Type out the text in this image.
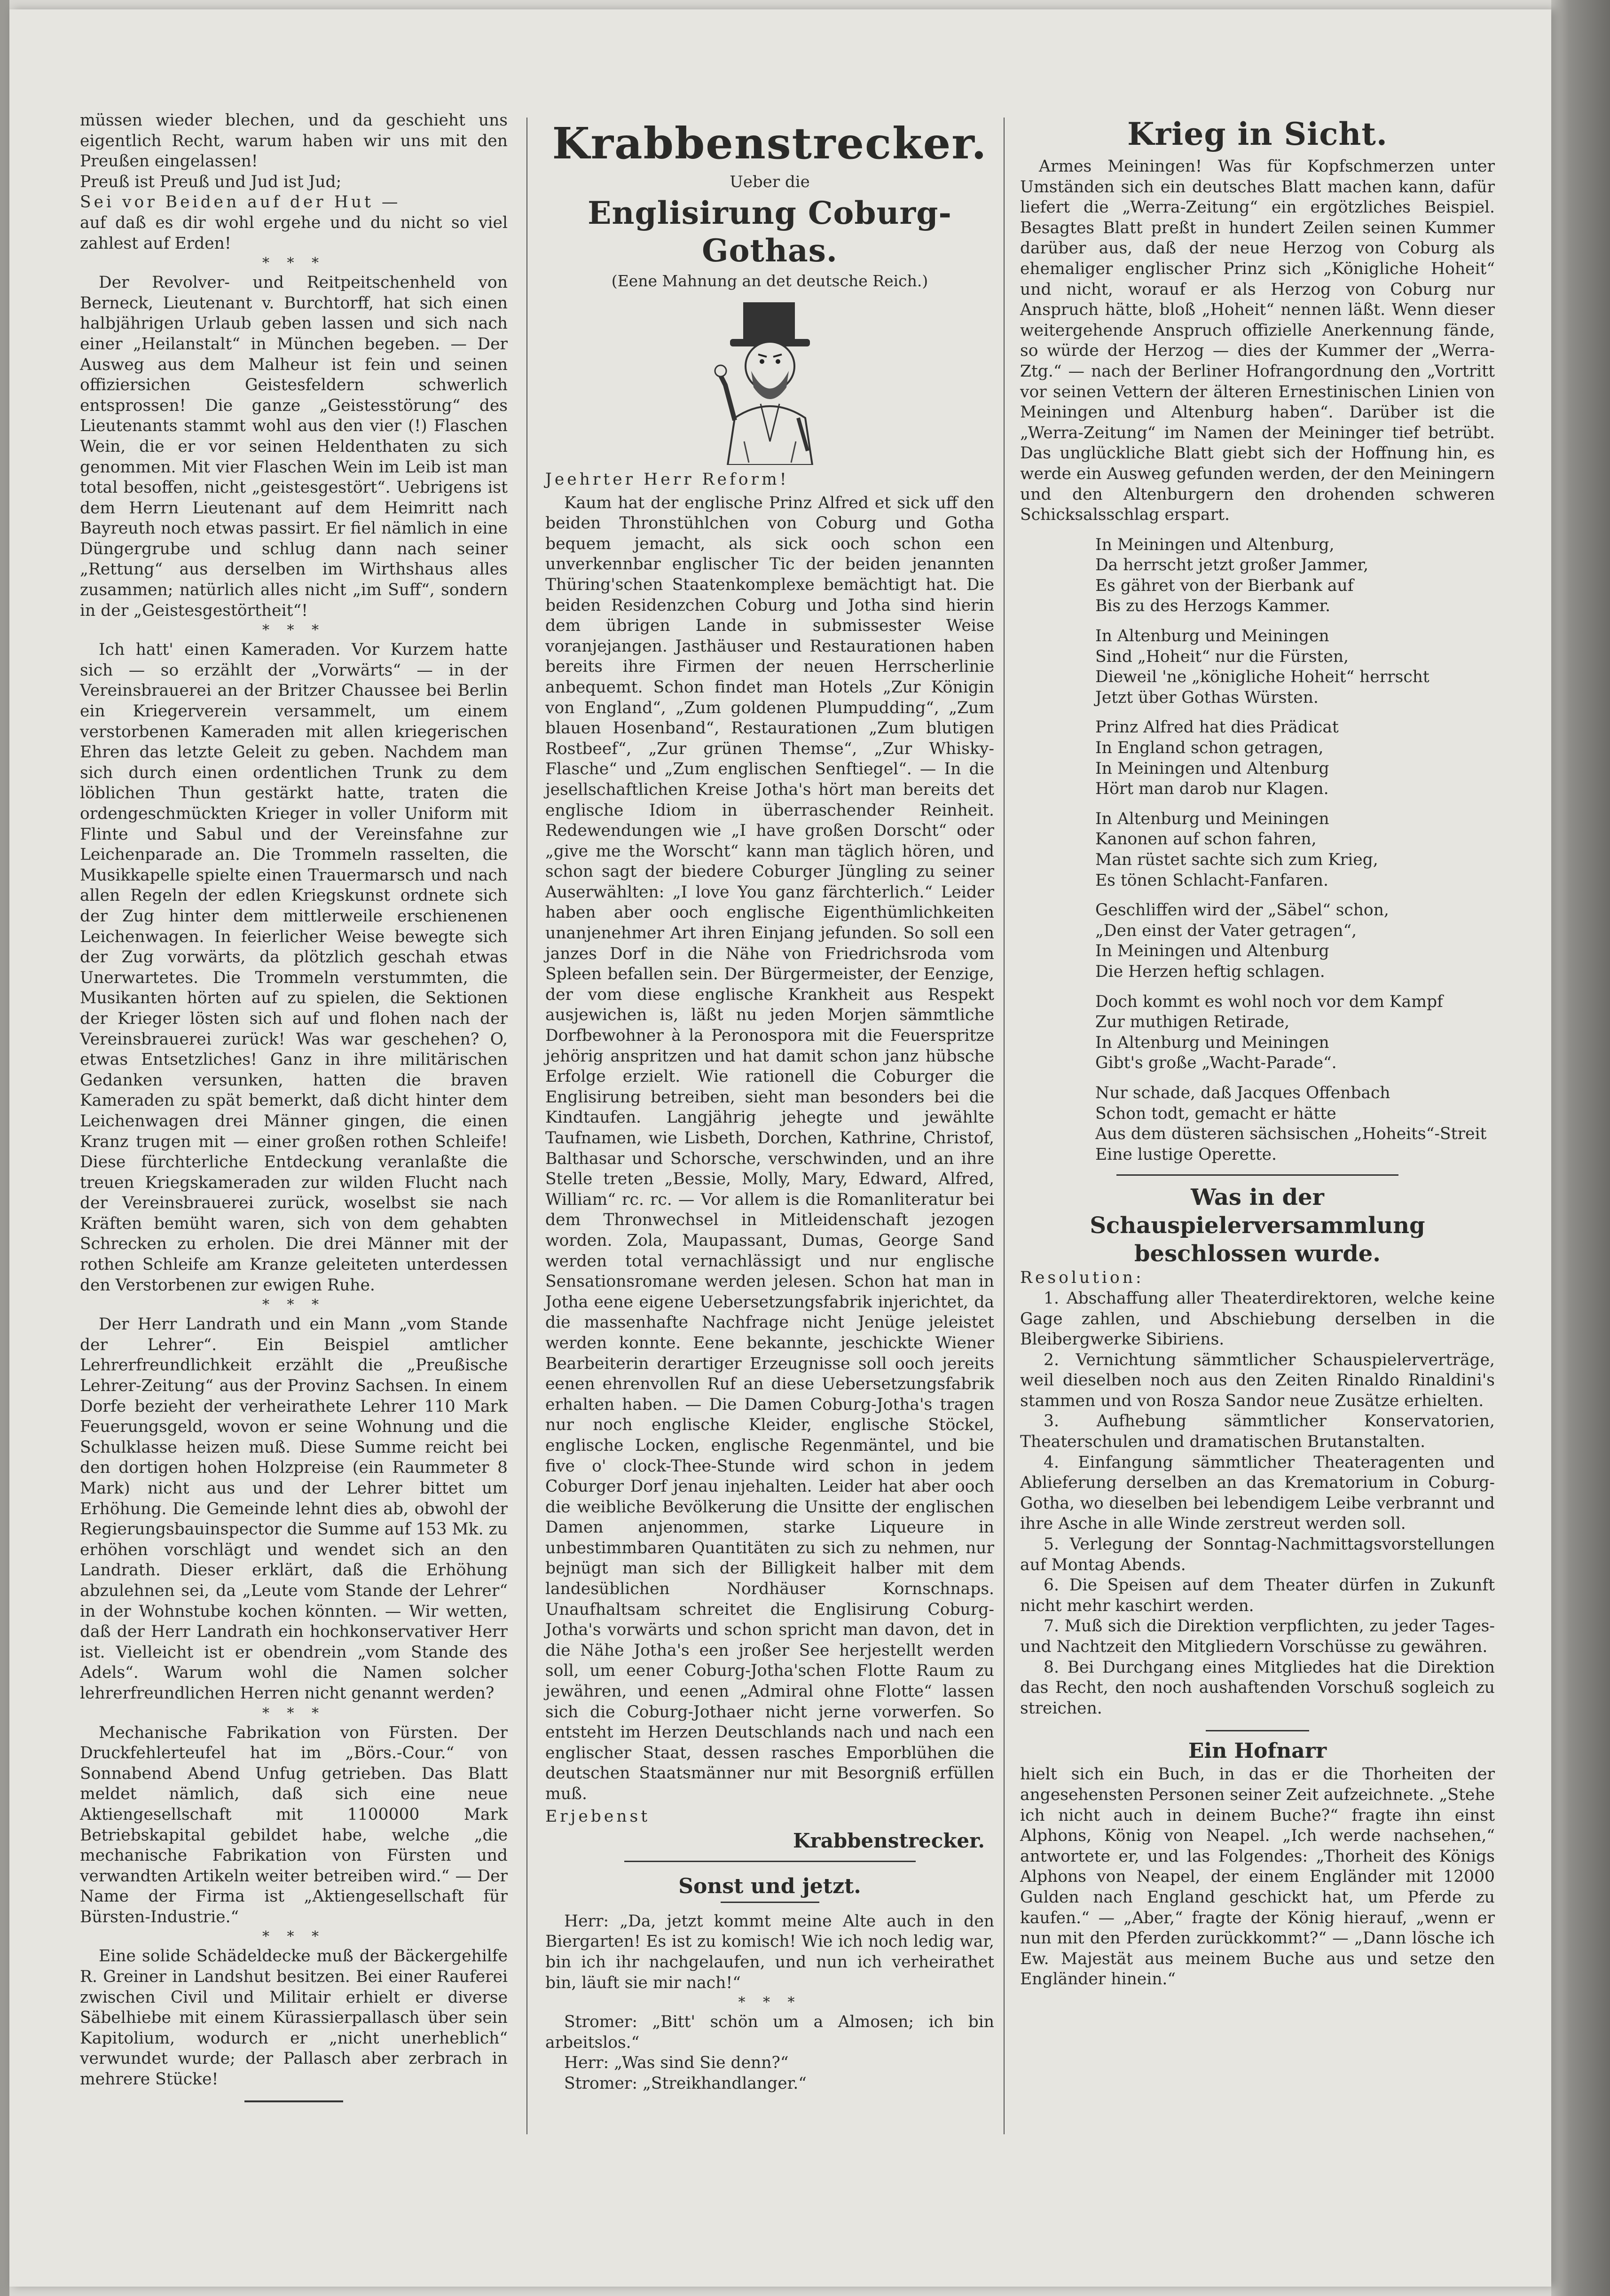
müssen wieder blechen, und da geschieht uns eigentlich Recht, warum haben wir uns mit den Preußen eingelassen!

Preuß ist Preuß und Jud ist Jud;

Sei vor Beiden auf der Hut —

auf daß es dir wohl ergehe und du nicht so viel zahlest auf Erden!

* * *

Der Revolver- und Reitpeitschenheld von Berneck, Lieutenant v. Burchtorff, hat sich einen halbjährigen Urlaub geben lassen und sich nach einer „Heilanstalt“ in München begeben. — Der Ausweg aus dem Malheur ist fein und seinen offiziersichen Geistesfeldern schwerlich entsprossen! Die ganze „Geistesstörung“ des Lieutenants stammt wohl aus den vier (!) Flaschen Wein, die er vor seinen Heldenthaten zu sich genommen. Mit vier Flaschen Wein im Leib ist man total besoffen, nicht „geistesgestört“. Uebrigens ist dem Herrn Lieutenant auf dem Heimritt nach Bayreuth noch etwas passirt. Er fiel nämlich in eine Düngergrube und schlug dann nach seiner „Rettung“ aus derselben im Wirthshaus alles zusammen; natürlich alles nicht „im Suff“, sondern in der „Geistesgestörtheit“!

* * *

Ich hatt' einen Kameraden. Vor Kurzem hatte sich — so erzählt der „Vorwärts“ — in der Vereinsbrauerei an der Britzer Chaussee bei Berlin ein Kriegerverein versammelt, um einem verstorbenen Kameraden mit allen kriegerischen Ehren das letzte Geleit zu geben. Nachdem man sich durch einen ordentlichen Trunk zu dem löblichen Thun gestärkt hatte, traten die ordengeschmückten Krieger in voller Uniform mit Flinte und Sabul und der Vereinsfahne zur Leichenparade an. Die Trommeln rasselten, die Musikkapelle spielte einen Trauermarsch und nach allen Regeln der edlen Kriegskunst ordnete sich der Zug hinter dem mittlerweile erschienenen Leichenwagen. In feierlicher Weise bewegte sich der Zug vorwärts, da plötzlich geschah etwas Unerwartetes. Die Trommeln verstummten, die Musikanten hörten auf zu spielen, die Sektionen der Krieger lösten sich auf und flohen nach der Vereinsbrauerei zurück! Was war geschehen? O, etwas Entsetzliches! Ganz in ihre militärischen Gedanken versunken, hatten die braven Kameraden zu spät bemerkt, daß dicht hinter dem Leichenwagen drei Männer gingen, die einen Kranz trugen mit — einer großen rothen Schleife! Diese fürchterliche Entdeckung veranlaßte die treuen Kriegskameraden zur wilden Flucht nach der Vereinsbrauerei zurück, woselbst sie nach Kräften bemüht waren, sich von dem gehabten Schrecken zu erholen. Die drei Männer mit der rothen Schleife am Kranze geleiteten unterdessen den Verstorbenen zur ewigen Ruhe.

* * *

Der Herr Landrath und ein Mann „vom Stande der Lehrer“. Ein Beispiel amtlicher Lehrerfreundlichkeit erzählt die „Preußische Lehrer-Zeitung“ aus der Provinz Sachsen. In einem Dorfe bezieht der verheirathete Lehrer 110 Mark Feuerungsgeld, wovon er seine Wohnung und die Schulklasse heizen muß. Diese Summe reicht bei den dortigen hohen Holzpreise (ein Raummeter 8 Mark) nicht aus und der Lehrer bittet um Erhöhung. Die Gemeinde lehnt dies ab, obwohl der Regierungsbauinspector die Summe auf 153 Mk. zu erhöhen vorschlägt und wendet sich an den Landrath. Dieser erklärt, daß die Erhöhung abzulehnen sei, da „Leute vom Stande der Lehrer“ in der Wohnstube kochen könnten. — Wir wetten, daß der Herr Landrath ein hochkonservativer Herr ist. Vielleicht ist er obendrein „vom Stande des Adels“. Warum wohl die Namen solcher lehrerfreundlichen Herren nicht genannt werden?

* * *

Mechanische Fabrikation von Fürsten. Der Druckfehlerteufel hat im „Börs.-Cour.“ von Sonnabend Abend Unfug getrieben. Das Blatt meldet nämlich, daß sich eine neue Aktiengesellschaft mit 1100000 Mark Betriebskapital gebildet habe, welche „die mechanische Fabrikation von Fürsten und verwandten Artikeln weiter betreiben wird.“ — Der Name der Firma ist „Aktiengesellschaft für Bürsten-Industrie.“

* * *

Eine solide Schädeldecke muß der Bäckergehilfe R. Greiner in Landshut besitzen. Bei einer Rauferei zwischen Civil und Militair erhielt er diverse Säbelhiebe mit einem Kürassierpallasch über sein Kapitolium, wodurch er „nicht unerheblich“ verwundet wurde; der Pallasch aber zerbrach in mehrere Stücke!

Krabbenstrecker.
Ueber die
Englisirung Coburg-Gothas.
(Eene Mahnung an det deutsche Reich.)

Jeehrter Herr Reform!

Kaum hat der englische Prinz Alfred et sick uff den beiden Thronstühlchen von Coburg und Gotha bequem jemacht, als sick ooch schon een unverkennbar englischer Tic der beiden jenannten Thüring'schen Staatenkomplexe bemächtigt hat. Die beiden Residenzchen Coburg und Jotha sind hierin dem übrigen Lande in submissester Weise voranjejangen. Jasthäuser und Restaurationen haben bereits ihre Firmen der neuen Herrscherlinie anbequemt. Schon findet man Hotels „Zur Königin von England“, „Zum goldenen Plumpudding“, „Zum blauen Hosenband“, Restaurationen „Zum blutigen Rostbeef“, „Zur grünen Themse“, „Zur Whisky-Flasche“ und „Zum englischen Senftiegel“. — In die jesellschaftlichen Kreise Jotha's hört man bereits det englische Idiom in überraschender Reinheit. Redewendungen wie „I have großen Dorscht“ oder „give me the Worscht“ kann man täglich hören, und schon sagt der biedere Coburger Jüngling zu seiner Auserwählten: „I love You ganz färchterlich.“ Leider haben aber ooch englische Eigenthümlichkeiten unanjenehmer Art ihren Einjang jefunden. So soll een janzes Dorf in die Nähe von Friedrichsroda vom Spleen befallen sein. Der Bürgermeister, der Eenzige, der vom diese englische Krankheit aus Respekt ausjewichen is, läßt nu jeden Morjen sämmtliche Dorfbewohner à la Peronospora mit die Feuerspritze jehörig anspritzen und hat damit schon janz hübsche Erfolge erzielt. Wie rationell die Coburger die Englisirung betreiben, sieht man besonders bei die Kindtaufen. Langjährig jehegte und jewählte Taufnamen, wie Lisbeth, Dorchen, Kathrine, Christof, Balthasar und Schorsche, verschwinden, und an ihre Stelle treten „Bessie, Molly, Mary, Edward, Alfred, William“ rc. rc. — Vor allem is die Romanliteratur bei dem Thronwechsel in Mitleidenschaft jezogen worden. Zola, Maupassant, Dumas, George Sand werden total vernachlässigt und nur englische Sensationsromane werden jelesen. Schon hat man in Jotha eene eigene Uebersetzungsfabrik injerichtet, da die massenhafte Nachfrage nicht Jenüge jeleistet werden konnte. Eene bekannte, jeschickte Wiener Bearbeiterin derartiger Erzeugnisse soll ooch jereits eenen ehrenvollen Ruf an diese Uebersetzungsfabrik erhalten haben. — Die Damen Coburg-Jotha's tragen nur noch englische Kleider, englische Stöckel, englische Locken, englische Regenmäntel, und bie five o' clock-Thee-Stunde wird schon in jedem Coburger Dorf jenau injehalten. Leider hat aber ooch die weibliche Bevölkerung die Unsitte der englischen Damen anjenommen, starke Liqueure in unbestimmbaren Quantitäten zu sich zu nehmen, nur bejnügt man sich der Billigkeit halber mit dem landesüblichen Nordhäuser Kornschnaps. Unaufhaltsam schreitet die Englisirung Coburg-Jotha's vorwärts und schon spricht man davon, det in die Nähe Jotha's een jroßer See herjestellt werden soll, um eener Coburg-Jotha'schen Flotte Raum zu jewähren, und eenen „Admiral ohne Flotte“ lassen sich die Coburg-Jothaer nicht jerne vorwerfen. So entsteht im Herzen Deutschlands nach und nach een englischer Staat, dessen rasches Emporblühen die deutschen Staatsmänner nur mit Besorgniß erfüllen muß.

Erjebenst

Krabbenstrecker.
Sonst und jetzt.

Herr: „Da, jetzt kommt meine Alte auch in den Biergarten! Es ist zu komisch! Wie ich noch ledig war, bin ich ihr nachgelaufen, und nun ich verheirathet bin, läuft sie mir nach!“

* * *

Stromer: „Bitt' schön um a Almosen; ich bin arbeitslos.“

Herr: „Was sind Sie denn?“

Stromer: „Streikhandlanger.“

Krieg in Sicht.

Armes Meiningen! Was für Kopfschmerzen unter Umständen sich ein deutsches Blatt machen kann, dafür liefert die „Werra-Zeitung“ ein ergötzliches Beispiel. Besagtes Blatt preßt in hundert Zeilen seinen Kummer darüber aus, daß der neue Herzog von Coburg als ehemaliger englischer Prinz sich „Königliche Hoheit“ und nicht, worauf er als Herzog von Coburg nur Anspruch hätte, bloß „Hoheit“ nennen läßt. Wenn dieser weitergehende Anspruch offizielle Anerkennung fände, so würde der Herzog — dies der Kummer der „Werra-Ztg.“ — nach der Berliner Hofrangordnung den „Vortritt vor seinen Vettern der älteren Ernestinischen Linien von Meiningen und Altenburg haben“. Darüber ist die „Werra-Zeitung“ im Namen der Meininger tief betrübt. Das unglückliche Blatt giebt sich der Hoffnung hin, es werde ein Ausweg gefunden werden, der den Meiningern und den Altenburgern den drohenden schweren Schicksalsschlag erspart.

In Meiningen und Altenburg,

Da herrscht jetzt großer Jammer,

Es gähret von der Bierbank auf

Bis zu des Herzogs Kammer.

In Altenburg und Meiningen

Sind „Hoheit“ nur die Fürsten,

Dieweil 'ne „königliche Hoheit“ herrscht

Jetzt über Gothas Würsten.

Prinz Alfred hat dies Prädicat

In England schon getragen,

In Meiningen und Altenburg

Hört man darob nur Klagen.

In Altenburg und Meiningen

Kanonen auf schon fahren,

Man rüstet sachte sich zum Krieg,

Es tönen Schlacht-Fanfaren.

Geschliffen wird der „Säbel“ schon,

„Den einst der Vater getragen“,

In Meiningen und Altenburg

Die Herzen heftig schlagen.

Doch kommt es wohl noch vor dem Kampf

Zur muthigen Retirade,

In Altenburg und Meiningen

Gibt's große „Wacht-Parade“.

Nur schade, daß Jacques Offenbach

Schon todt, gemacht er hätte

Aus dem düsteren sächsischen „Hoheits“-Streit

Eine lustige Operette.

Was in der Schauspielerversammlung
beschlossen wurde.

Resolution:

1. Abschaffung aller Theaterdirektoren, welche keine Gage zahlen, und Abschiebung derselben in die Bleibergwerke Sibiriens.

2. Vernichtung sämmtlicher Schauspielerverträge, weil dieselben noch aus den Zeiten Rinaldo Rinaldini's stammen und von Rosza Sandor neue Zusätze erhielten.

3. Aufhebung sämmtlicher Konservatorien, Theaterschulen und dramatischen Brutanstalten.

4. Einfangung sämmtlicher Theateragenten und Ablieferung derselben an das Krematorium in Coburg-Gotha, wo dieselben bei lebendigem Leibe verbrannt und ihre Asche in alle Winde zerstreut werden soll.

5. Verlegung der Sonntag-Nachmittagsvorstellungen auf Montag Abends.

6. Die Speisen auf dem Theater dürfen in Zukunft nicht mehr kaschirt werden.

7. Muß sich die Direktion verpflichten, zu jeder Tages- und Nachtzeit den Mitgliedern Vorschüsse zu gewähren.

8. Bei Durchgang eines Mitgliedes hat die Direktion das Recht, den noch aushaftenden Vorschuß sogleich zu streichen.

Ein Hofnarr

hielt sich ein Buch, in das er die Thorheiten der angesehensten Personen seiner Zeit aufzeichnete. „Stehe ich nicht auch in deinem Buche?“ fragte ihn einst Alphons, König von Neapel. „Ich werde nachsehen,“ antwortete er, und las Folgendes: „Thorheit des Königs Alphons von Neapel, der einem Engländer mit 12000 Gulden nach England geschickt hat, um Pferde zu kaufen.“ — „Aber,“ fragte der König hierauf, „wenn er nun mit den Pferden zurückkommt?“ — „Dann lösche ich Ew. Majestät aus meinem Buche aus und setze den Engländer hinein.“
